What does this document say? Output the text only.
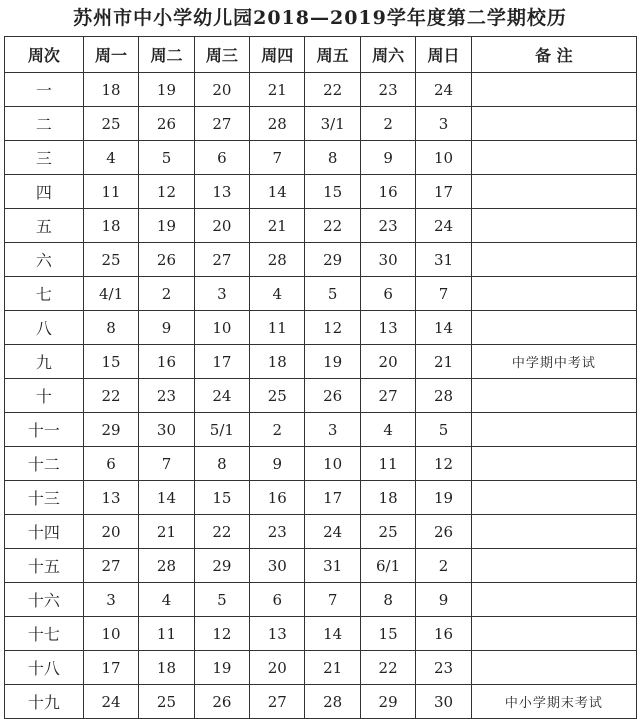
苏州市中小学幼儿园2018—2019学年度第二学期校历
周次	周一	周二	周三	周四	周五	周六	周日	备 注
一	18	19	20	21	22	23	24	
二	25	26	27	28	3/1	2	3	
三	4	5	6	7	8	9	10	
四	11	12	13	14	15	16	17	
五	18	19	20	21	22	23	24	
六	25	26	27	28	29	30	31	
七	4/1	2	3	4	5	6	7	
八	8	9	10	11	12	13	14	
九	15	16	17	18	19	20	21	中学期中考试
十	22	23	24	25	26	27	28	
十一	29	30	5/1	2	3	4	5	
十二	6	7	8	9	10	11	12	
十三	13	14	15	16	17	18	19	
十四	20	21	22	23	24	25	26	
十五	27	28	29	30	31	6/1	2	
十六	3	4	5	6	7	8	9	
十七	10	11	12	13	14	15	16	
十八	17	18	19	20	21	22	23	
十九	24	25	26	27	28	29	30	中小学期末考试
